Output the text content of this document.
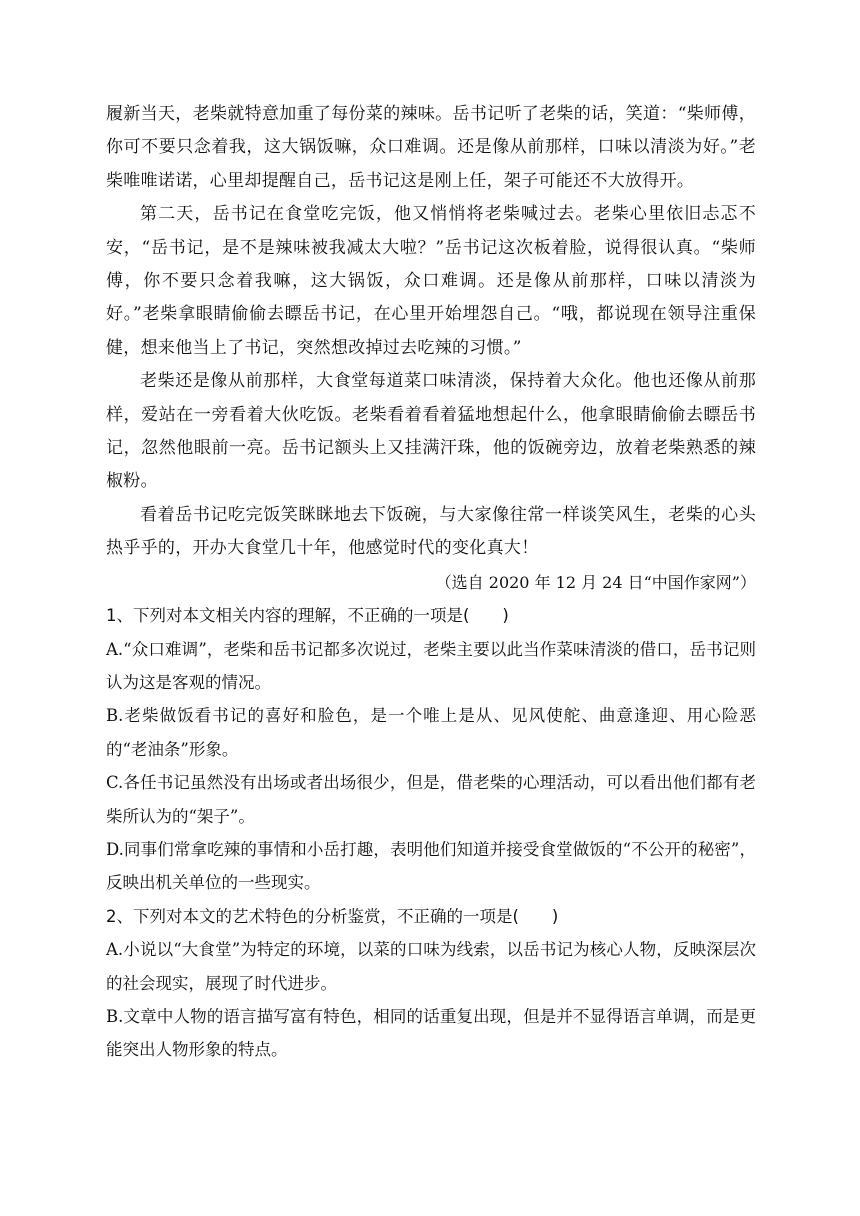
履新当天，老柴就特意加重了每份菜的辣味。岳书记听了老柴的话，笑道：“柴师傅，你可不要只念着我，这大锅饭嘛，众口难调。还是像从前那样，口味以清淡为好。”老柴唯唯诺诺，心里却提醒自己，岳书记这是刚上任，架子可能还不大放得开。

第二天，岳书记在食堂吃完饭，他又悄悄将老柴喊过去。老柴心里依旧忐忑不安，“岳书记，是不是辣味被我减太大啦？”岳书记这次板着脸，说得很认真。“柴师傅，你不要只念着我嘛，这大锅饭，众口难调。还是像从前那样，口味以清淡为好。”老柴拿眼睛偷偷去瞟岳书记，在心里开始埋怨自己。“哦，都说现在领导注重保健，想来他当上了书记，突然想改掉过去吃辣的习惯。”

老柴还是像从前那样，大食堂每道菜口味清淡，保持着大众化。他也还像从前那样，爱站在一旁看着大伙吃饭。老柴看着看着猛地想起什么，他拿眼睛偷偷去瞟岳书记，忽然他眼前一亮。岳书记额头上又挂满汗珠，他的饭碗旁边，放着老柴熟悉的辣椒粉。

看着岳书记吃完饭笑眯眯地去下饭碗，与大家像往常一样谈笑风生，老柴的心头热乎乎的，开办大食堂几十年，他感觉时代的变化真大！

（选自 2020 年 12 月 24 日“中国作家网”）

1、下列对本文相关内容的理解，不正确的一项是(　　)

A.“众口难调”，老柴和岳书记都多次说过，老柴主要以此当作菜味清淡的借口，岳书记则认为这是客观的情况。

B.老柴做饭看书记的喜好和脸色，是一个唯上是从、见风使舵、曲意逢迎、用心险恶的“老油条”形象。

C.各任书记虽然没有出场或者出场很少，但是，借老柴的心理活动，可以看出他们都有老柴所认为的“架子”。

D.同事们常拿吃辣的事情和小岳打趣，表明他们知道并接受食堂做饭的“不公开的秘密”，反映出机关单位的一些现实。

2、下列对本文的艺术特色的分析鉴赏，不正确的一项是(　　)

A.小说以“大食堂”为特定的环境，以菜的口味为线索，以岳书记为核心人物，反映深层次的社会现实，展现了时代进步。

B.文章中人物的语言描写富有特色，相同的话重复出现，但是并不显得语言单调，而是更能突出人物形象的特点。
